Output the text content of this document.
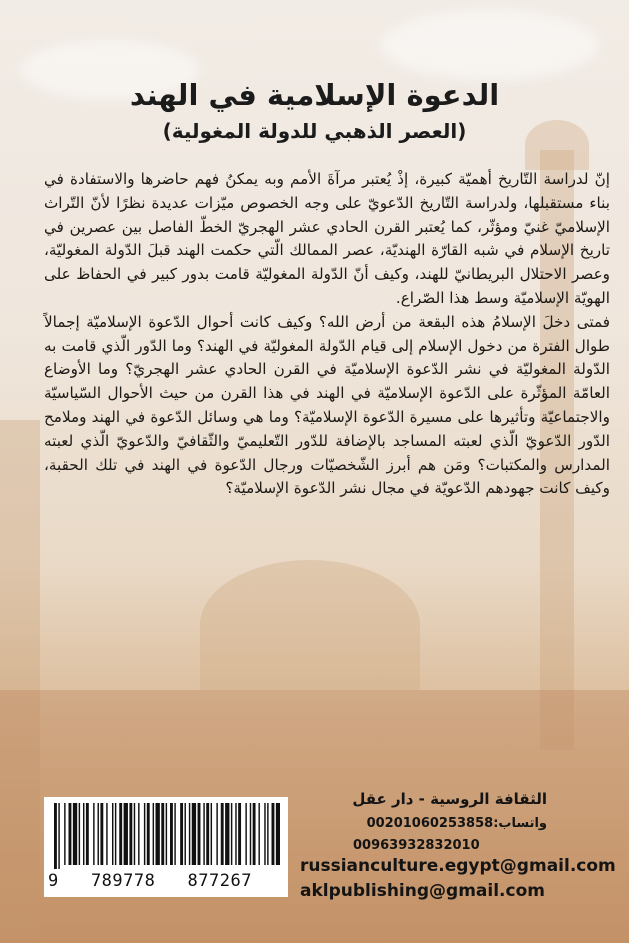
الدعوة الإسلامية في الهند
(العصر الذهبي للدولة المغولية)

إنّ لدراسة التّاريخ أهميّة كبيرة، إذْ يُعتبر مرآةَ الأمم وبه يمكنُ فهم حاضرها والاستفادة في بناء مستقبلها، ولدراسة التّاريخ الدّعويّ على وجه الخصوص ميّزات عديدة نظرًا لأنّ التّراث الإسلاميّ غنيّ ومؤثّر، كما يُعتبر القرن الحادي عشر الهجريّ الخطّ الفاصل بين عصرين في تاريخ الإسلام في شبه القارّة الهنديّة، عصر الممالك الّتي حكمت الهند قبلَ الدّولة المغوليّة، وعصر الاحتلال البريطانيّ للهند، وكيف أنّ الدّولة المغوليّة قامت بدور كبير في الحفاظ على الهويّة الإسلاميّة وسط هذا الصّراع.

فمتى دخلَ الإسلامُ هذه البقعة من أرض الله؟ وكيف كانت أحوال الدّعوة الإسلاميّة إجمالاً طوال الفترة من دخول الإسلام إلى قيام الدّولة المغوليّة في الهند؟ وما الدّور الّذي قامت به الدّولة المغوليّة في نشر الدّعوة الإسلاميّة في القرن الحادي عشر الهجريّ؟ وما الأوضاع العامّة المؤثّرة على الدّعوة الإسلاميّة في الهند في هذا القرن من حيث الأحوال السّياسيّة والاجتماعيّة وتأثيرها على مسيرة الدّعوة الإسلاميّة؟ وما هي وسائل الدّعوة في الهند وملامح الدّور الدّعويّ الّذي لعبته المساجد بالإضافة للدّور التّعليميّ والثّقافيّ والدّعويّ الّذي لعبته المدارس والمكتبات؟ ومَن هم أبرز الشّخصيّات ورجال الدّعوة في الهند في تلك الحقبة، وكيف كانت جهودهم الدّعويّة في مجال نشر الدّعوة الإسلاميّة؟

9   789778   877267
الثقافة الروسية - دار عقل
واتساب:00201060253858
00963932832010
russianculture.egypt@gmail.com
aklpublishing@gmail.com
